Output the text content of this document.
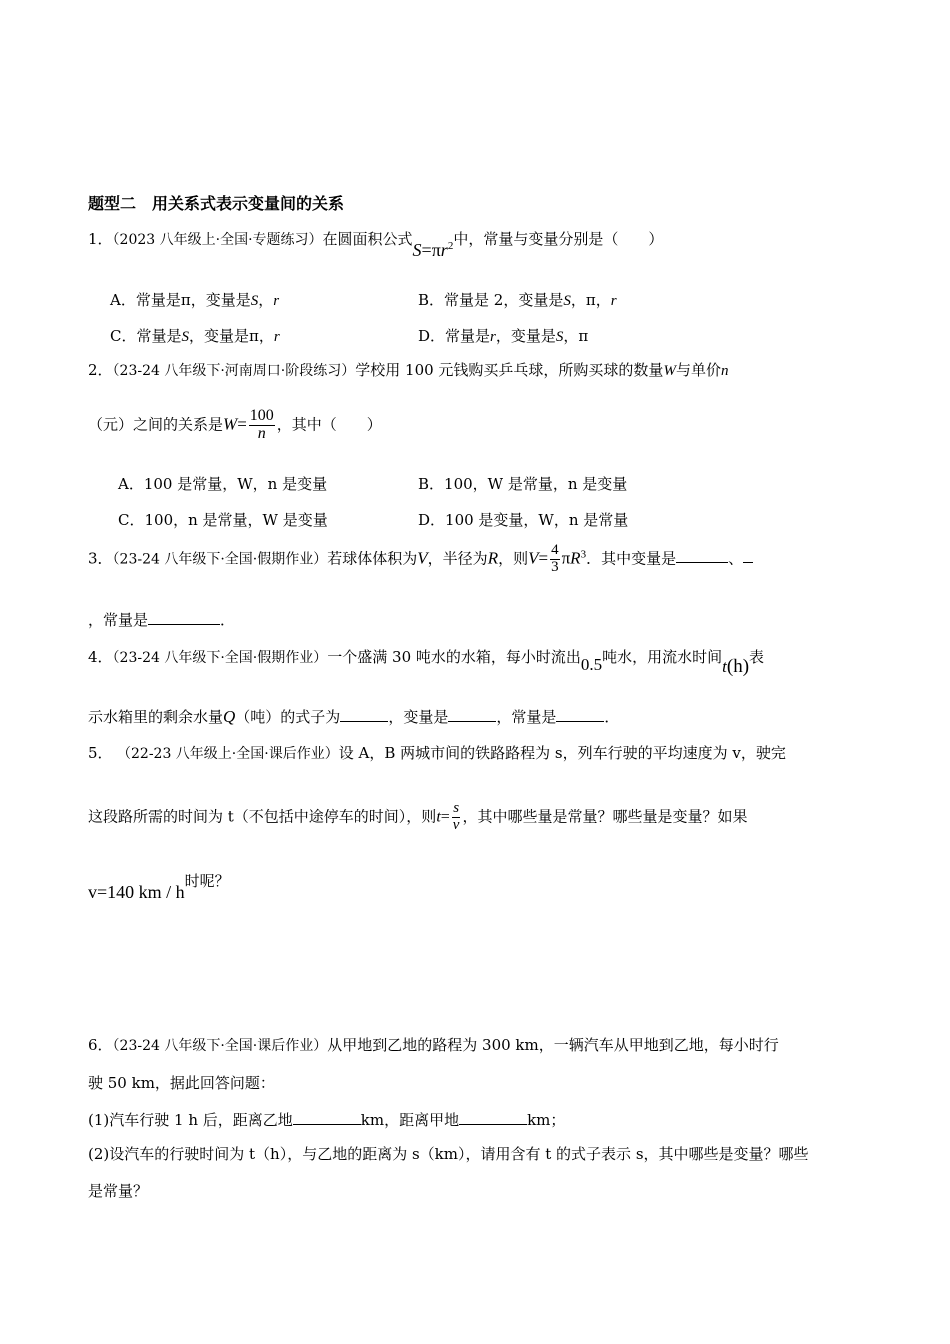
题型二　用关系式表示变量间的关系
1．（2023 八年级上·全国·专题练习）在圆面积公式$S=\pi r^2$中，常量与变量分别是（　　）
A．常量是π，变量是S，r	B．常量是 2，变量是S，π，r
C．常量是S，变量是π，r	D．常量是r，变量是S，π
2．（23-24 八年级下·河南周口·阶段练习）学校用 100 元钱购买乒乓球，所购买球的数量W与单价n
（元）之间的关系是$W= \frac{100}{n}$ ，其中（　　）
A．100 是常量，W，n 是变量	B．100，W 是常量，n 是变量
C．100，n 是常量，W 是变量	D．100 是变量，W，n 是常量
3．（23-24 八年级下·全国·假期作业）若球体体积为V，半径为R，则$V= \frac{4}{3} \pi R^3$．其中变量是	、
，常量是	．
4．（23-24 八年级下·全国·假期作业）一个盛满 30 吨水的水箱，每小时流出0.5吨水，用流水时间t(h)表
示水箱里的剩余水量Q（吨）的式子为	，变量是	，常量是	．
5． （22-23 八年级上·全国·课后作业）设 A，B 两城市间的铁路路程为 s，列车行驶的平均速度为 v，驶完
这段路所需的时间为 t（不包括中途停车的时间），则$t= \frac{s}{v}$ ，其中哪些量是常量？哪些量是变量？如果
v=140 km / h时呢？
6．（23-24 八年级下·全国·课后作业）从甲地到乙地的路程为 300 km，一辆汽车从甲地到乙地，每小时行
驶 50 km，据此回答问题：
(1)汽车行驶 1 h 后，距离乙地	km，距离甲地	km；
(2)设汽车的行驶时间为 t（h），与乙地的距离为 s（km），请用含有 t 的式子表示 s，其中哪些是变量？哪些
是常量？
